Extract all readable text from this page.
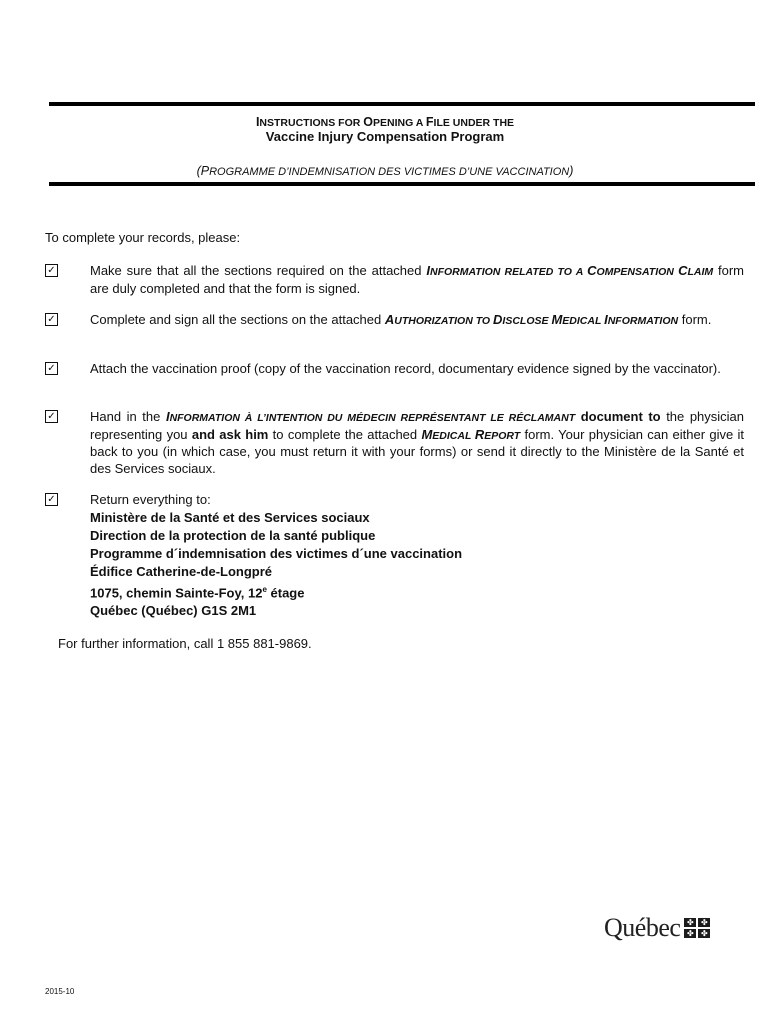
INSTRUCTIONS FOR OPENING A FILE UNDER THE
Vaccine Injury Compensation Program
(PROGRAMME D’INDEMNISATION DES VICTIMES D’UNE VACCINATION)
To complete your records, please:
✓	Make sure that all the sections required on the attached INFORMATION RELATED TO A COMPENSATION CLAIM form are duly completed and that the form is signed.
✓	Complete and sign all the sections on the attached AUTHORIZATION TO DISCLOSE MEDICAL INFORMATION form.
✓	Attach the vaccination proof (copy of the vaccination record, documentary evidence signed by the vaccinator).
✓	Hand in the INFORMATION À L’INTENTION DU MÉDECIN REPRÉSENTANT LE RÉCLAMANT document to the physician representing you and ask him to complete the attached MEDICAL REPORT form. Your physician can either give it back to you (in which case, you must return it with your forms) or send it directly to the Ministère de la Santé et des Services sociaux.
✓	Return everything to:
Ministère de la Santé et des Services sociaux
Direction de la protection de la santé publique
Programme d´indemnisation des victimes d´une vaccination
Édifice Catherine-de-Longpré
1075, chemin Sainte-Foy, 12e étage
Québec (Québec) G1S 2M1
For further information, call 1 855 881-9869.
Québec ✤ ✤
✤ ✤
2015-10
